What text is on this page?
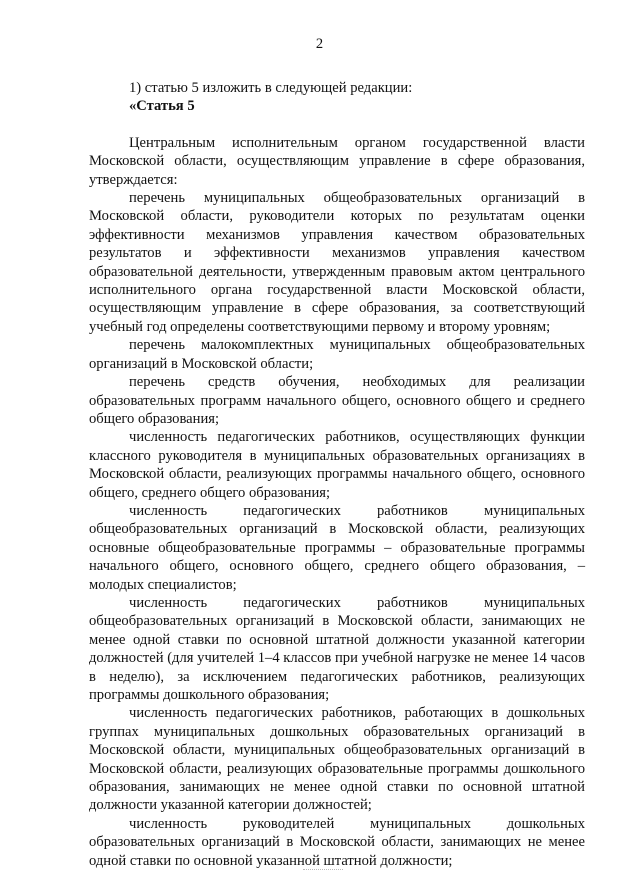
2

1) статью 5 изложить в следующей редакции:

«Статья 5

Центральным исполнительным органом государственной власти Московской области, осуществляющим управление в сфере образования, утверждается:

перечень муниципальных общеобразовательных организаций в Московской области, руководители которых по результатам оценки эффективности механизмов управления качеством образовательных результатов и эффективности механизмов управления качеством образовательной деятельности, утвержденным правовым актом центрального исполнительного органа государственной власти Московской области, осуществляющим управление в сфере образования, за соответствующий учебный год определены соответствующими первому и второму уровням;

перечень малокомплектных муниципальных общеобразовательных организаций в Московской области;

перечень средств обучения, необходимых для реализации образовательных программ начального общего, основного общего и среднего общего образования;

численность педагогических работников, осуществляющих функции классного руководителя в муниципальных образовательных организациях в Московской области, реализующих программы начального общего, основного общего, среднего общего образования;

численность педагогических работников муниципальных общеобразовательных организаций в Московской области, реализующих основные общеобразовательные программы – образовательные программы начального общего, основного общего, среднего общего образования, – молодых специалистов;

численность педагогических работников муниципальных общеобразовательных организаций в Московской области, занимающих не менее одной ставки по основной штатной должности указанной категории должностей (для учителей 1–4 классов при учебной нагрузке не менее 14 часов в неделю), за исключением педагогических работников, реализующих программы дошкольного образования;

численность педагогических работников, работающих в дошкольных группах муниципальных дошкольных образовательных организаций в Московской области, муниципальных общеобразовательных организаций в Московской области, реализующих образовательные программы дошкольного образования, занимающих не менее одной ставки по основной штатной должности указанной категории должностей;

численность руководителей муниципальных дошкольных образовательных организаций в Московской области, занимающих не менее одной ставки по основной указанной штатной должности;
